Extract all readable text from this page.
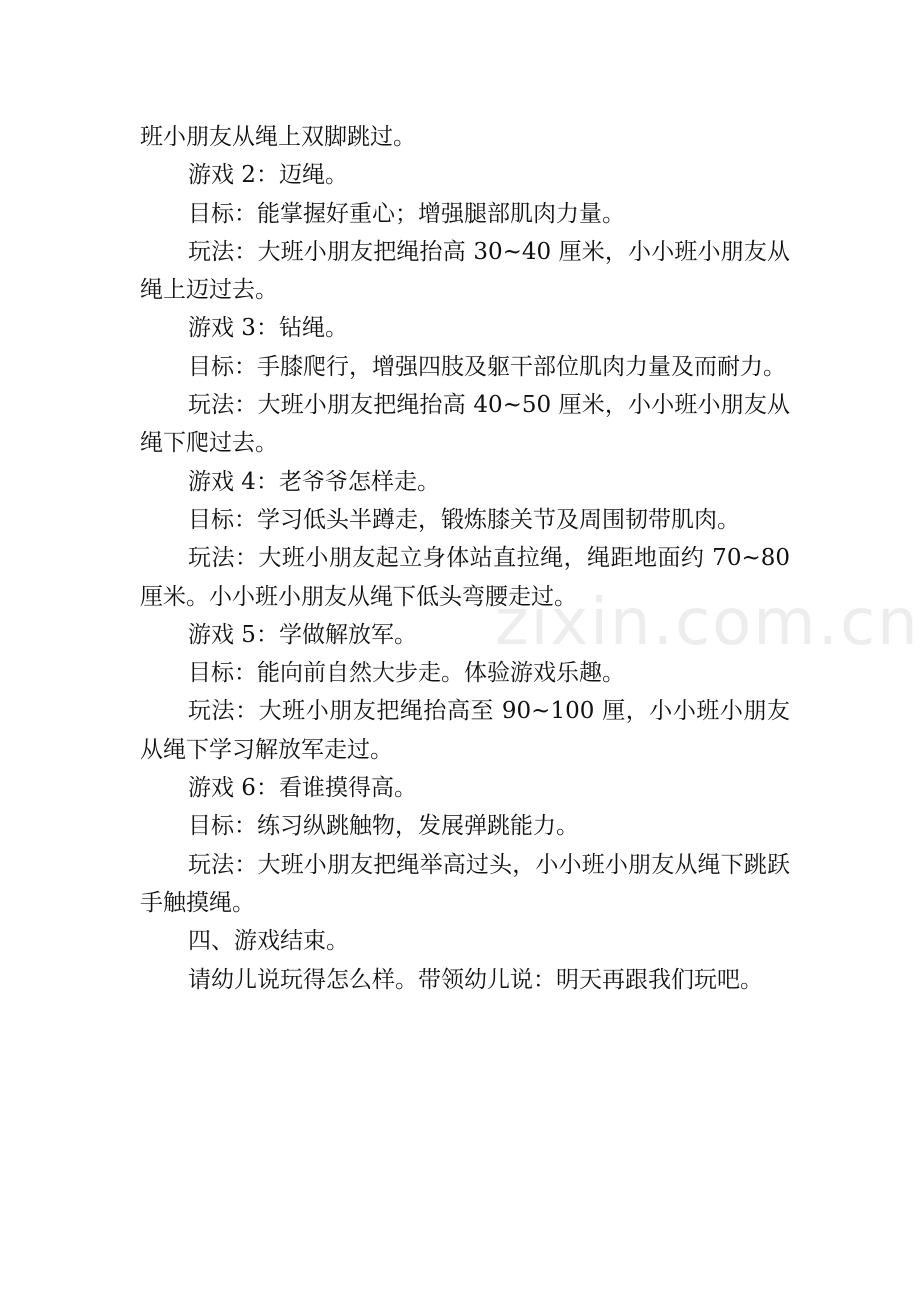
班小朋友从绳上双脚跳过。

游戏 2：迈绳。

目标：能掌握好重心；增强腿部肌肉力量。

玩法：大班小朋友把绳抬高 30~40 厘米，小小班小朋友从绳上迈过去。

游戏 3：钻绳。

目标：手膝爬行，增强四肢及躯干部位肌肉力量及而耐力。

玩法：大班小朋友把绳抬高 40~50 厘米，小小班小朋友从绳下爬过去。

游戏 4：老爷爷怎样走。

目标：学习低头半蹲走，锻炼膝关节及周围韧带肌肉。

玩法：大班小朋友起立身体站直拉绳，绳距地面约 70~80 厘米。小小班小朋友从绳下低头弯腰走过。

游戏 5：学做解放军。

目标：能向前自然大步走。体验游戏乐趣。

玩法：大班小朋友把绳抬高至 90~100 厘，小小班小朋友从绳下学习解放军走过。

游戏 6：看谁摸得高。

目标：练习纵跳触物，发展弹跳能力。

玩法：大班小朋友把绳举高过头，小小班小朋友从绳下跳跃手触摸绳。

四、游戏结束。

请幼儿说玩得怎么样。带领幼儿说：明天再跟我们玩吧。

zixin.com.cn
